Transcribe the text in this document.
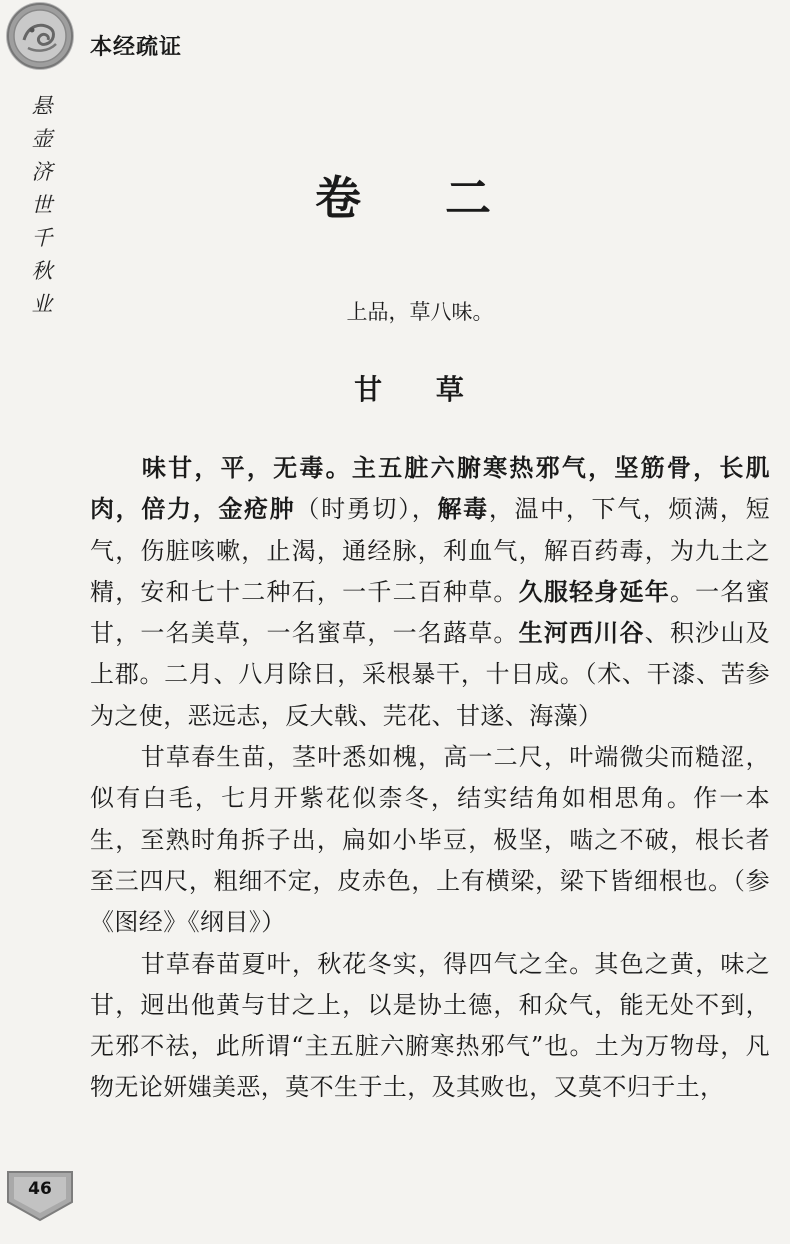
本经疏证
悬
壶
济
世
千
秋
业
卷 二
上品，草八味。
甘 草

味甘，平，无毒。主五脏六腑寒热邪气，坚筋骨，长肌肉，倍力，金疮肿（时勇切），解毒，温中，下气，烦满，短气，伤脏咳嗽，止渴，通经脉，利血气，解百药毒，为九土之精，安和七十二种石，一千二百种草。久服轻身延年。一名蜜甘，一名美草，一名蜜草，一名蕗草。生河西川谷、积沙山及上郡。二月、八月除日，采根暴干，十日成。（术、干漆、苦参为之使，恶远志，反大戟、芫花、甘遂、海藻）

甘草春生苗，茎叶悉如槐，高一二尺，叶端微尖而糙涩，似有白毛，七月开紫花似柰冬，结实结角如相思角。作一本生，至熟时角拆子出，扁如小毕豆，极坚，啮之不破，根长者至三四尺，粗细不定，皮赤色，上有横梁，梁下皆细根也。（参《图经》《纲目》）

甘草春苗夏叶，秋花冬实，得四气之全。其色之黄，味之甘，迥出他黄与甘之上，以是协土德，和众气，能无处不到，无邪不祛，此所谓“主五脏六腑寒热邪气”也。土为万物母，凡物无论妍媸美恶，莫不生于土，及其败也，又莫不归于土，

46
